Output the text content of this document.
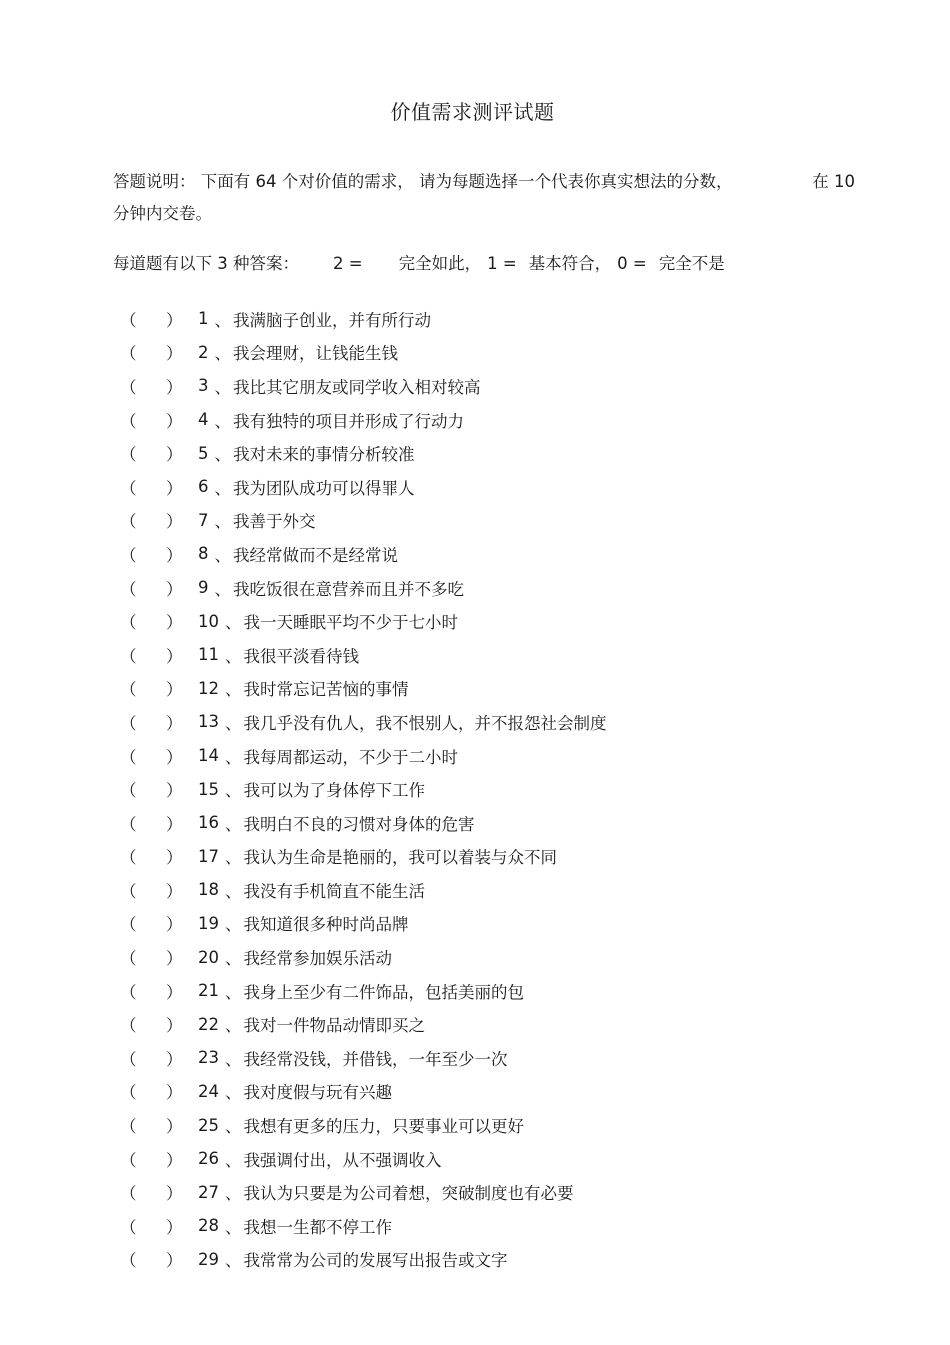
价值需求测评试题
答题说明： 下面有 64 个对价值的需求， 请为每题选择一个代表你真实想法的分数，	在 10
分钟内交卷。
每道题有以下 3 种答案： 2 = 完全如此， 1 = 基本符合， 0 = 完全不是
（	） 1 、 我满脑子创业，并有所行动
（	） 2 、 我会理财，让钱能生钱
（	） 3 、 我比其它朋友或同学收入相对较高
（	） 4 、 我有独特的项目并形成了行动力
（	） 5 、 我对未来的事情分析较准
（	） 6 、 我为团队成功可以得罪人
（	） 7 、 我善于外交
（	） 8 、 我经常做而不是经常说
（	） 9 、 我吃饭很在意营养而且并不多吃
（	） 10 、 我一天睡眠平均不少于七小时
（	） 11 、 我很平淡看待钱
（	） 12 、 我时常忘记苦恼的事情
（	） 13 、 我几乎没有仇人，我不恨别人，并不报怨社会制度
（	） 14 、 我每周都运动，不少于二小时
（	） 15 、 我可以为了身体停下工作
（	） 16 、 我明白不良的习惯对身体的危害
（	） 17 、 我认为生命是艳丽的，我可以着装与众不同
（	） 18 、 我没有手机简直不能生活
（	） 19 、 我知道很多种时尚品牌
（	） 20 、 我经常参加娱乐活动
（	） 21 、 我身上至少有二件饰品，包括美丽的包
（	） 22 、 我对一件物品动情即买之
（	） 23 、 我经常没钱，并借钱，一年至少一次
（	） 24 、 我对度假与玩有兴趣
（	） 25 、 我想有更多的压力，只要事业可以更好
（	） 26 、 我强调付出，从不强调收入
（	） 27 、 我认为只要是为公司着想，突破制度也有必要
（	） 28 、 我想一生都不停工作
（	） 29 、 我常常为公司的发展写出报告或文字
